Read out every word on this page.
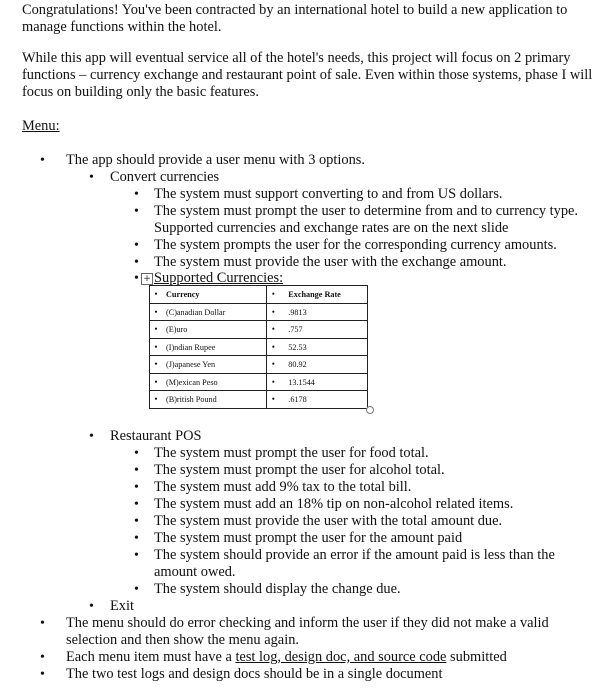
Congratulations! You've been contracted by an international hotel to build a new application to manage functions within the hotel.
While this app will eventual service all of the hotel's needs, this project will focus on 2 primary functions – currency exchange and restaurant point of sale. Even within those systems, phase I will focus on building only the basic features.
Menu:
• The app should provide a user menu with 3 options.
• Convert currencies
• The system must support converting to and from US dollars.
• The system must prompt the user to determine from and to currency type. Supported currencies and exchange rates are on the next slide
• The system prompts the user for the corresponding currency amounts.
• The system must provide the user with the exchange amount.
• + Supported Currencies:
• Currency	• Exchange Rate
• (C)anadian Dollar	• .9813
• (E)uro	• .757
• (I)ndian Rupee	• 52.53
• (J)apanese Yen	• 80.92
• (M)exican Peso	• 13.1544
• (B)ritish Pound	• .6178
• Restaurant POS
• The system must prompt the user for food total.
• The system must prompt the user for alcohol total.
• The system must add 9% tax to the total bill.
• The system must add an 18% tip on non-alcohol related items.
• The system must provide the user with the total amount due.
• The system must prompt the user for the amount paid
• The system should provide an error if the amount paid is less than the amount owed.
• The system should display the change due.
• Exit
• The menu should do error checking and inform the user if they did not make a valid selection and then show the menu again.
• Each menu item must have a test log, design doc, and source code submitted
• The two test logs and design docs should be in a single document
